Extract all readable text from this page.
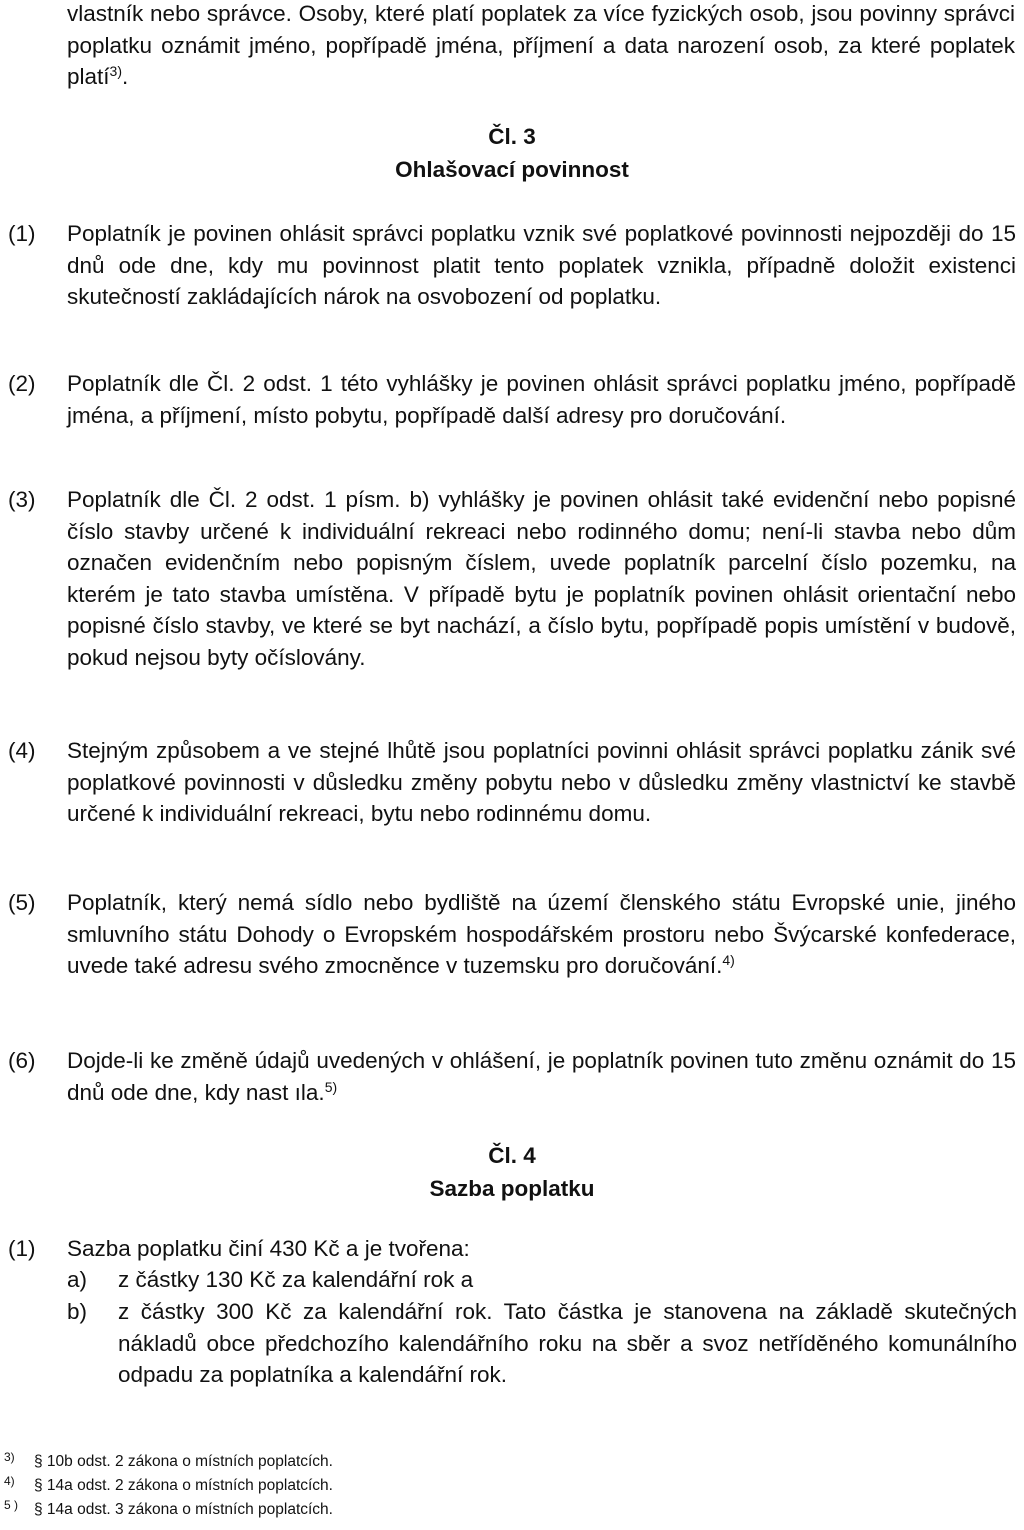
vlastník nebo správce. Osoby, které platí poplatek za více fyzických osob, jsou povinny správci poplatku oznámit jméno, popřípadě jména, příjmení a data narození osob, za které poplatek platí$^{3)}$.
Čl. 3
Ohlašovací povinnost
(1)	Poplatník je povinen ohlásit správci poplatku vznik své poplatkové povinnosti nejpozději do 15 dnů ode dne, kdy mu povinnost platit tento poplatek vznikla, případně doložit existenci skutečností zakládajících nárok na osvobození od poplatku.
(2)	Poplatník dle Čl. 2 odst. 1 této vyhlášky je povinen ohlásit správci poplatku jméno, popřípadě jména, a příjmení, místo pobytu, popřípadě další adresy pro doručování.
(3)	Poplatník dle Čl. 2 odst. 1 písm. b) vyhlášky je povinen ohlásit také evidenční nebo popisné číslo stavby určené k individuální rekreaci nebo rodinného domu; není-li stavba nebo dům označen evidenčním nebo popisným číslem, uvede poplatník parcelní číslo pozemku, na kterém je tato stavba umístěna. V případě bytu je poplatník povinen ohlásit orientační nebo popisné číslo stavby, ve které se byt nachází, a číslo bytu, popřípadě popis umístění v budově, pokud nejsou byty očíslovány.
(4)	Stejným způsobem a ve stejné lhůtě jsou poplatníci povinni ohlásit správci poplatku zánik své poplatkové povinnosti v důsledku změny pobytu nebo v důsledku změny vlastnictví ke stavbě určené k individuální rekreaci, bytu nebo rodinnému domu.
(5)	Poplatník, který nemá sídlo nebo bydliště na území členského státu Evropské unie, jiného smluvního státu Dohody o Evropském hospodářském prostoru nebo Švýcarské konfederace, uvede také adresu svého zmocněnce v tuzemsku pro doručování.$^{4)}$
(6)	Dojde-li ke změně údajů uvedených v ohlášení, je poplatník povinen tuto změnu oznámit do 15 dnů ode dne, kdy nast ıla.$^{5)}$
Čl. 4
Sazba poplatku
(1)	Sazba poplatku činí 430 Kč a je tvořena:
a) z částky 130 Kč za kalendářní rok a
b) z částky 300 Kč za kalendářní rok. Tato částka je stanovena na základě skutečných nákladů obce předchozího kalendářního roku na sběr a svoz netříděného komunálního odpadu za poplatníka a kalendářní rok.
3) § 10b odst. 2 zákona o místních poplatcích.
4) § 14a odst. 2 zákona o místních poplatcích.
5 ) § 14a odst. 3 zákona o místních poplatcích.
